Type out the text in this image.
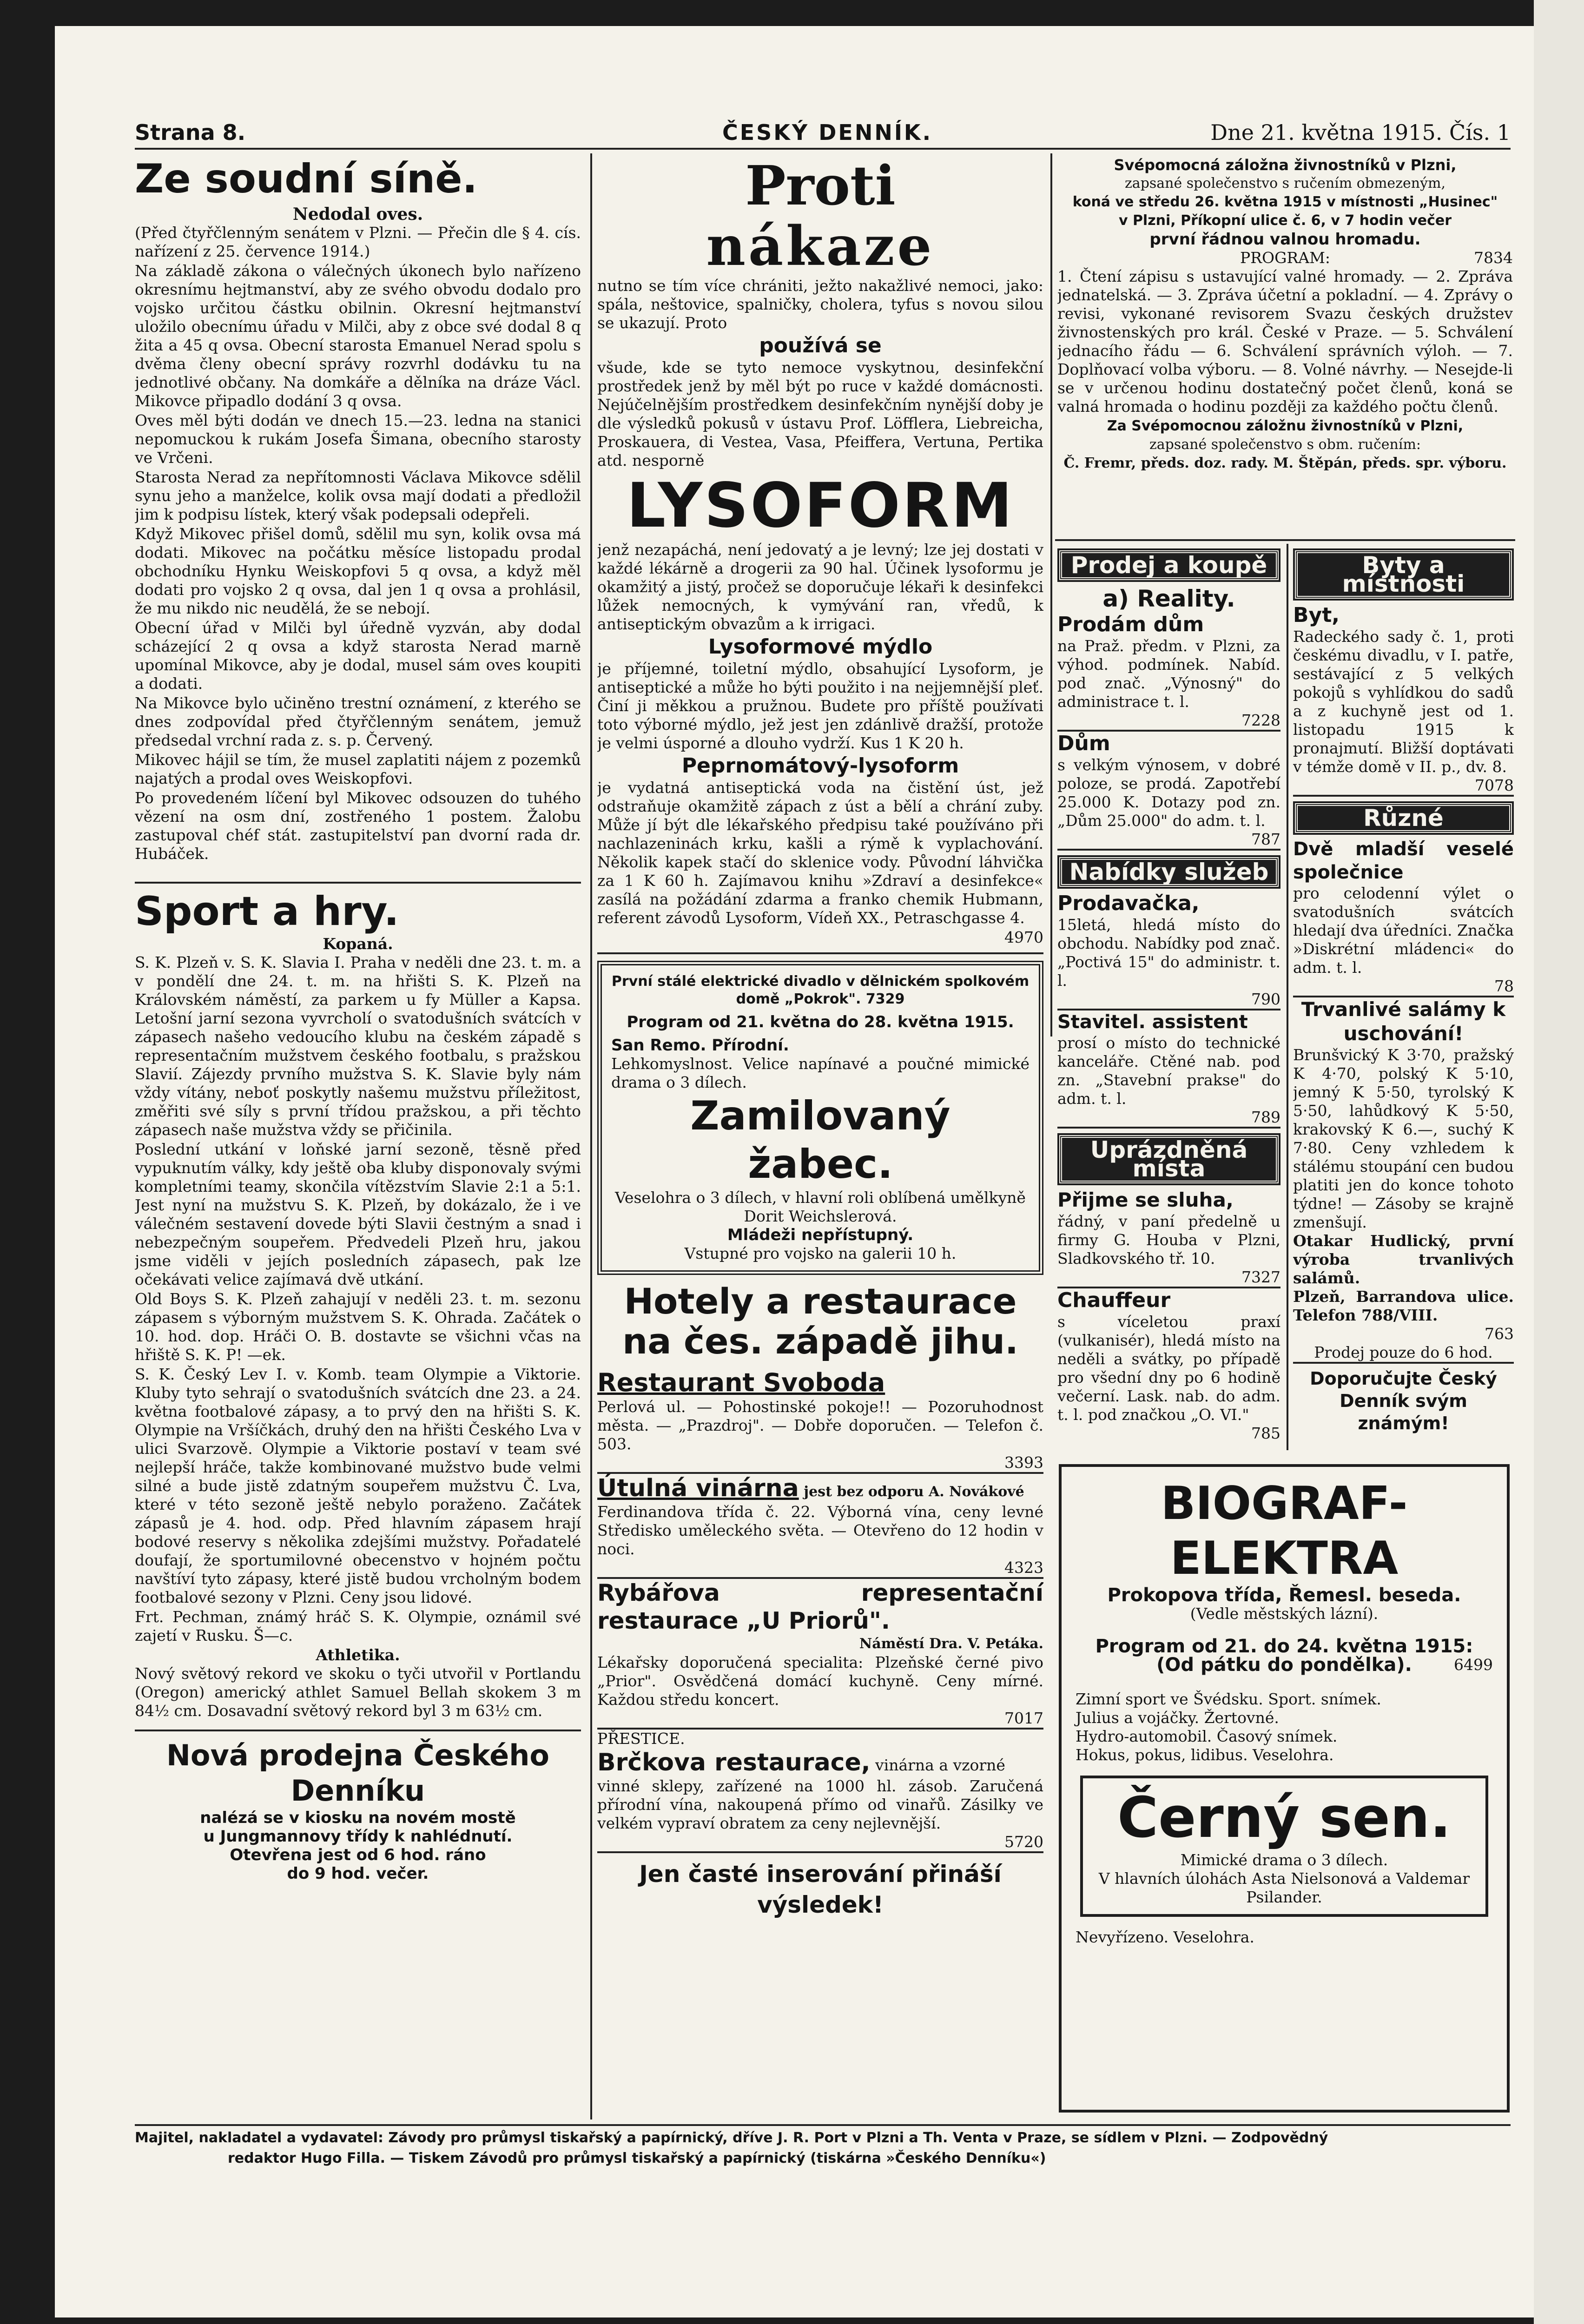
Strana 8.	ČESKÝ DENNÍK.	Dne 21. května 1915. Čís. 1
Ze soudní síně.
Nedodal oves.

(Před čtyřčlenným senátem v Plzni. — Přečin dle § 4. cís. nařízení z 25. července 1914.)

Na základě zákona o válečných úkonech bylo nařízeno okresnímu hejtmanství, aby ze svého obvodu dodalo pro vojsko určitou částku obilnin. Okresní hejtmanství uložilo obecnímu úřadu v Milči, aby z obce své dodal 8 q žita a 45 q ovsa. Obecní starosta Emanuel Nerad spolu s dvěma členy obecní správy rozvrhl dodávku tu na jednotlivé občany. Na domkáře a dělníka na dráze Václ. Mikovce připadlo dodání 3 q ovsa.

Oves měl býti dodán ve dnech 15.—23. ledna na stanici nepomuckou k rukám Josefa Šimana, obecního starosty ve Vrčeni.

Starosta Nerad za nepřítomnosti Václava Mikovce sdělil synu jeho a manželce, kolik ovsa mají dodati a předložil jim k podpisu lístek, který však podepsali odepřeli.

Když Mikovec přišel domů, sdělil mu syn, kolik ovsa má dodati. Mikovec na počátku měsíce listopadu prodal obchodníku Hynku Weiskopfovi 5 q ovsa, a když měl dodati pro vojsko 2 q ovsa, dal jen 1 q ovsa a prohlásil, že mu nikdo nic neudělá, že se nebojí.

Obecní úřad v Milči byl úředně vyzván, aby dodal scházející 2 q ovsa a když starosta Nerad marně upomínal Mikovce, aby je dodal, musel sám oves koupiti a dodati.

Na Mikovce bylo učiněno trestní oznámení, z kterého se dnes zodpovídal před čtyřčlenným senátem, jemuž předsedal vrchní rada z. s. p. Červený.

Mikovec hájil se tím, že musel zaplatiti nájem z pozemků najatých a prodal oves Weiskopfovi.

Po provedeném líčení byl Mikovec odsouzen do tuhého vězení na osm dní, zostřeného 1 postem. Žalobu zastupoval chéf stát. zastupitelství pan dvorní rada dr. Hubáček.

Sport a hry.
Kopaná.

S. K. Plzeň v. S. K. Slavia I. Praha v neděli dne 23. t. m. a v pondělí dne 24. t. m. na hřišti S. K. Plzeň na Královském náměstí, za parkem u fy Müller a Kapsa. Letošní jarní sezona vyvrcholí o svatodušních svátcích v zápasech našeho vedoucího klubu na českém západě s representačním mužstvem českého footbalu, s pražskou Slavií. Zájezdy prvního mužstva S. K. Slavie byly nám vždy vítány, neboť poskytly našemu mužstvu příležitost, změřiti své síly s první třídou pražskou, a při těchto zápasech naše mužstva vždy se přičinila.

Poslední utkání v loňské jarní sezoně, těsně před vypuknutím války, kdy ještě oba kluby disponovaly svými kompletními teamy, skončila vítězstvím Slavie 2:1 a 5:1. Jest nyní na mužstvu S. K. Plzeň, by dokázalo, že i ve válečném sestavení dovede býti Slavii čestným a snad i nebezpečným soupeřem. Předvedeli Plzeň hru, jakou jsme viděli v jejích posledních zápasech, pak lze očekávati velice zajímavá dvě utkání.

Old Boys S. K. Plzeň zahajují v neděli 23. t. m. sezonu zápasem s výborným mužstvem S. K. Ohrada. Začátek o 10. hod. dop. Hráči O. B. dostavte se všichni včas na hřiště S. K. P! —ek.

S. K. Český Lev I. v. Komb. team Olympie a Viktorie. Kluby tyto sehrají o svatodušních svátcích dne 23. a 24. května footbalové zápasy, a to prvý den na hřišti S. K. Olympie na Vršíčkách, druhý den na hřišti Českého Lva v ulici Svarzově. Olympie a Viktorie postaví v team své nejlepší hráče, takže kombinované mužstvo bude velmi silné a bude jistě zdatným soupeřem mužstvu Č. Lva, které v této sezoně ještě nebylo poraženo. Začátek zápasů je 4. hod. odp. Před hlavním zápasem hrají bodové reservy s několika zdejšími mužstvy. Pořadatelé doufají, že sportumilovné obecenstvo v hojném počtu navštíví tyto zápasy, které jistě budou vrcholným bodem footbalové sezony v Plzni. Ceny jsou lidové.

Frt. Pechman, známý hráč S. K. Olympie, oznámil své zajetí v Rusku. Š—c.

Athletika.

Nový světový rekord ve skoku o tyči utvořil v Portlandu (Oregon) americký athlet Samuel Bellah skokem 3 m 84½ cm. Dosavadní světový rekord byl 3 m 63½ cm.

Nová prodejna Českého Denníku
nalézá se v kiosku na novém mostě
u Jungmannovy třídy k nahlédnutí.
Otevřena jest od 6 hod. ráno
do 9 hod. večer.
Proti
nákaze

nutno se tím více chrániti, ježto nakažlivé nemoci, jako: spála, neštovice, spalničky, cholera, tyfus s novou silou se ukazují. Proto

používá se

všude, kde se tyto nemoce vyskytnou, desinfekční prostředek jenž by měl být po ruce v každé domácnosti. Nejúčelnějším prostředkem desinfekčním nynější doby je dle výsledků pokusů v ústavu Prof. Löfflera, Liebreicha, Proskauera, di Vestea, Vasa, Pfeiffera, Vertuna, Pertika atd. nesporně

LYSOFORM

jenž nezapáchá, není jedovatý a je levný; lze jej dostati v každé lékárně a drogerii za 90 hal. Účinek lysoformu je okamžitý a jistý, pročež se doporučuje lékaři k desinfekci lůžek nemocných, k vymývání ran, vředů, k antiseptickým obvazům a k irrigaci.

Lysoformové mýdlo

je příjemné, toiletní mýdlo, obsahující Lysoform, je antiseptické a může ho býti použito i na nejjemnější pleť. Činí ji měkkou a pružnou. Budete pro příště používati toto výborné mýdlo, jež jest jen zdánlivě dražší, protože je velmi úsporné a dlouho vydrží. Kus 1 K 20 h.

Peprnomátový-lysoform

je vydatná antiseptická voda na čistění úst, jež odstraňuje okamžitě zápach z úst a bělí a chrání zuby. Může jí být dle lékařského předpisu také používáno při nachlazeninách krku, kašli a rýmě k vyplachování. Několik kapek stačí do sklenice vody. Původní láhvička za 1 K 60 h. Zajímavou knihu »Zdraví a desinfekce« zasílá na požádání zdarma a franko chemik Hubmann, referent závodů Lysoform, Vídeň XX., Petraschgasse 4.

4970
První stálé elektrické divadlo v dělnickém spolkovém domě „Pokrok". 7329
Program od 21. května do 28. května 1915.
San Remo. Přírodní.
Lehkomyslnost. Velice napínavé a poučné mimické drama o 3 dílech.
Zamilovaný žabec.
Veselohra o 3 dílech, v hlavní roli oblíbená umělkyně Dorit Weichslerová.
Mládeži nepřístupný.
Vstupné pro vojsko na galerii 10 h.
Hotely a restaurace na čes. západě jihu.
Restaurant Svoboda
Perlová ul. — Pohostinské pokoje!! — Pozoruhodnost města. — „Prazdroj". — Dobře doporučen. — Telefon č. 503.
3393
Útulná vinárna jest bez odporu A. Novákové
Ferdinandova třída č. 22. Výborná vína, ceny levné Středisko uměleckého světa. — Otevřeno do 12 hodin v noci.
4323
Rybářova representační restaurace „U Priorů".
Náměstí Dra. V. Petáka.
Lékařsky doporučená specialita: Plzeňské černé pivo „Prior". Osvědčená domácí kuchyně. Ceny mírné. Každou středu koncert.
7017
PŘESTICE.
Brčkova restaurace, vinárna a vzorné
vinné sklepy, zařízené na 1000 hl. zásob. Zaručená přírodní vína, nakoupená přímo od vinařů. Zásilky ve velkém vypraví obratem za ceny nejlevnější.
5720
Jen časté inserování přináší výsledek!
Svépomocná záložna živnostníků v Plzni,
zapsané společenstvo s ručením obmezeným,
koná ve středu 26. května 1915 v místnosti „Husinec"
v Plzni, Příkopní ulice č. 6, v 7 hodin večer
první řádnou valnou hromadu.
PROGRAM:	7834

1. Čtení zápisu s ustavující valné hromady. — 2. Zpráva jednatelská. — 3. Zpráva účetní a pokladní. — 4. Zprávy o revisi, vykonané revisorem Svazu českých družstev živnostenských pro král. České v Praze. — 5. Schválení jednacího řádu — 6. Schválení správních výloh. — 7. Doplňovací volba výboru. — 8. Volné návrhy. — Nesejde-li se v určenou hodinu dostatečný počet členů, koná se valná hromada o hodinu později za každého počtu členů.

Za Svépomocnou záložnu živnostníků v Plzni,
zapsané společenstvo s obm. ručením:
Č. Fremr, předs. doz. rady. M. Štěpán, předs. spr. výboru.
Prodej a koupě
a) Reality.
Prodám dům
na Praž. předm. v Plzni, za výhod. podmínek. Nabíd. pod znač. „Výnosný" do administrace t. l.
7228
Dům
s velkým výnosem, v dobré poloze, se prodá. Zapotřebí 25.000 K. Dotazy pod zn. „Dům 25.000" do adm. t. l.
787
Nabídky služeb
Prodavačka,
15letá, hledá místo do obchodu. Nabídky pod znač. „Poctivá 15" do administr. t. l.
790
Stavitel. assistent
prosí o místo do technické kanceláře. Ctěné nab. pod zn. „Stavební prakse" do adm. t. l.
789
Uprázdněná místa
Přijme se sluha,
řádný, v paní předelně u firmy G. Houba v Plzni, Sladkovského tř. 10.
7327
Chauffeur
s víceletou praxí (vulkanisér), hledá místo na neděli a svátky, po případě pro všední dny po 6 hodině večerní. Lask. nab. do adm. t. l. pod značkou „O. VI."
785
Byty a místnosti
Byt,
Radeckého sady č. 1, proti českému divadlu, v I. patře, sestávající z 5 velkých pokojů s vyhlídkou do sadů a z kuchyně jest od 1. listopadu 1915 k pronajmutí. Bližší doptávati v témže domě v II. p., dv. 8.
7078
Různé
Dvě mladší veselé společnice
pro celodenní výlet o svatodušních svátcích hledají dva úředníci. Značka »Diskrétní mládenci« do adm. t. l.
78
Trvanlivé salámy k uschování!
Brunšvický K 3·70, pražský K 4·70, polský K 5·10, jemný K 5·50, tyrolský K 5·50, lahůdkový K 5·50, krakovský K 6.—, suchý K 7·80. Ceny vzhledem k stálému stoupání cen budou platiti jen do konce tohoto týdne! — Zásoby se krajně zmenšují.
Otakar Hudlický, první výroba trvanlivých salámů.
Plzeň, Barrandova ulice. Telefon 788/VIII.
763
Prodej pouze do 6 hod.
Doporučujte Český Denník svým známým!
BIOGRAF-ELEKTRA
Prokopova třída, Řemesl. beseda.
(Vedle městských lázní).
Program od 21. do 24. května 1915:
(Od pátku do pondělka).	6499
Zimní sport ve Švédsku. Sport. snímek.
Julius a vojáčky. Žertovné.
Hydro-automobil. Časový snímek.
Hokus, pokus, lidibus. Veselohra.
Černý sen.
Mimické drama o 3 dílech.
V hlavních úlohách Asta Nielsonová a Valdemar Psilander.
Nevyřízeno. Veselohra.
Majitel, nakladatel a vydavatel: Závody pro průmysl tiskařský a papírnický, dříve J. R. Port v Plzni a Th. Venta v Praze, se sídlem v Plzni. — Zodpovědný
redaktor Hugo Filla. — Tiskem Závodů pro průmysl tiskařský a papírnický (tiskárna »Českého Denníku«)
